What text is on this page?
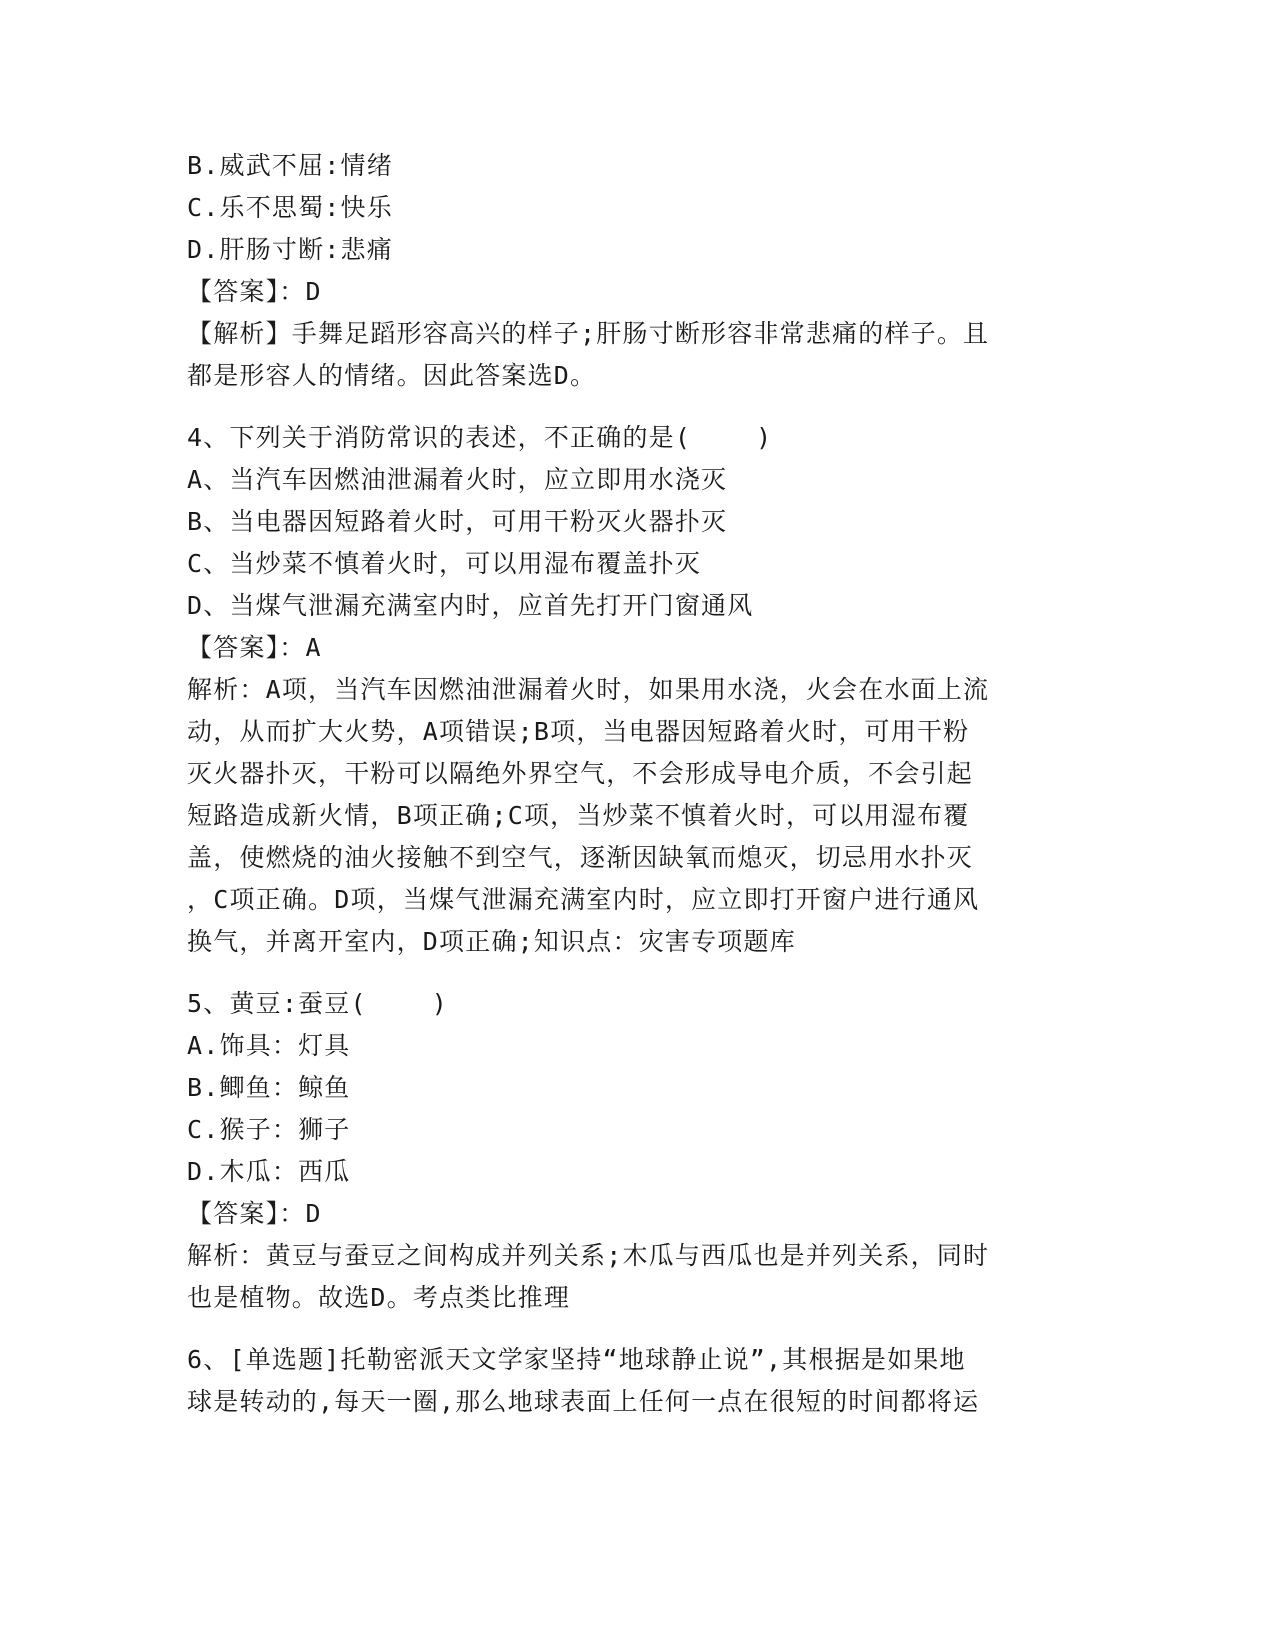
B.威武不屈:情绪
C.乐不思蜀:快乐
D.肝肠寸断:悲痛
【答案】：D
【解析】手舞足蹈形容高兴的样子;肝肠寸断形容非常悲痛的样子。且
都是形容人的情绪。因此答案选D。
4、下列关于消防常识的表述，不正确的是(    )
A、当汽车因燃油泄漏着火时，应立即用水浇灭
B、当电器因短路着火时，可用干粉灭火器扑灭
C、当炒菜不慎着火时，可以用湿布覆盖扑灭
D、当煤气泄漏充满室内时，应首先打开门窗通风
【答案】：A
解析：A项，当汽车因燃油泄漏着火时，如果用水浇，火会在水面上流
动，从而扩大火势，A项错误;B项，当电器因短路着火时，可用干粉
灭火器扑灭，干粉可以隔绝外界空气，不会形成导电介质，不会引起
短路造成新火情，B项正确;C项，当炒菜不慎着火时，可以用湿布覆
盖，使燃烧的油火接触不到空气，逐渐因缺氧而熄灭，切忌用水扑灭
，C项正确。D项，当煤气泄漏充满室内时，应立即打开窗户进行通风
换气，并离开室内，D项正确;知识点：灾害专项题库
5、黄豆:蚕豆(    )
A.饰具：灯具
B.鲫鱼：鲸鱼
C.猴子：狮子
D.木瓜：西瓜
【答案】：D
解析：黄豆与蚕豆之间构成并列关系;木瓜与西瓜也是并列关系，同时
也是植物。故选D。考点类比推理
6、[单选题]托勒密派天文学家坚持“地球静止说”,其根据是如果地
球是转动的,每天一圈,那么地球表面上任何一点在很短的时间都将运
